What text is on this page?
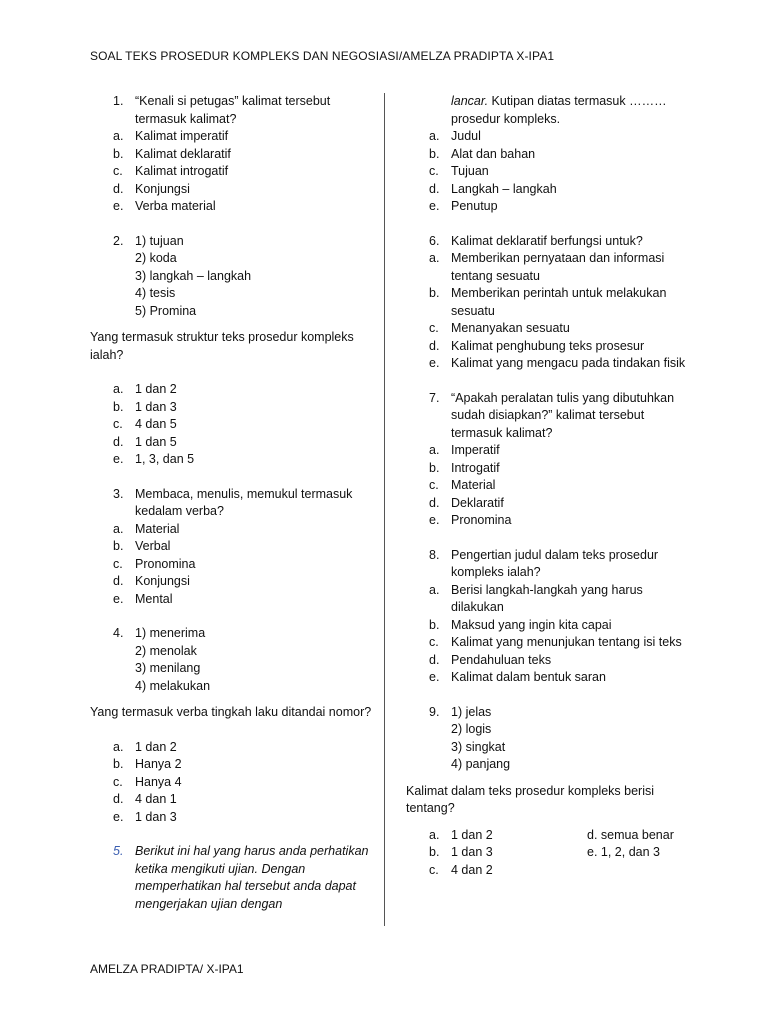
SOAL TEKS PROSEDUR KOMPLEKS DAN NEGOSIASI/AMELZA PRADIPTA X-IPA1
1. “Kenali si petugas” kalimat tersebut termasuk kalimat?
a. Kalimat imperatif
b. Kalimat deklaratif
c. Kalimat introgatif
d. Konjungsi
e. Verba material
2. 1) tujuan
2) koda
3) langkah – langkah
4) tesis
5) Promina
Yang termasuk struktur teks prosedur kompleks ialah?
a. 1 dan 2
b. 1 dan 3
c. 4 dan 5
d. 1 dan 5
e. 1, 3, dan 5
3. Membaca, menulis, memukul termasuk kedalam verba?
a. Material
b. Verbal
c. Pronomina
d. Konjungsi
e. Mental
4. 1) menerima
2) menolak
3) menilang
4) melakukan
Yang termasuk verba tingkah laku ditandai nomor?
a. 1 dan 2
b. Hanya 2
c. Hanya 4
d. 4 dan 1
e. 1 dan 3
5. Berikut ini hal yang harus anda perhatikan ketika mengikuti ujian. Dengan memperhatikan hal tersebut anda dapat mengerjakan ujian dengan
lancar. Kutipan diatas termasuk ……… prosedur kompleks.
a. Judul
b. Alat dan bahan
c. Tujuan
d. Langkah – langkah
e. Penutup
6. Kalimat deklaratif berfungsi untuk?
a. Memberikan pernyataan dan informasi tentang sesuatu
b. Memberikan perintah untuk melakukan sesuatu
c. Menanyakan sesuatu
d. Kalimat penghubung teks prosesur
e. Kalimat yang mengacu pada tindakan fisik
7. “Apakah peralatan tulis yang dibutuhkan sudah disiapkan?” kalimat tersebut termasuk kalimat?
a. Imperatif
b. Introgatif
c. Material
d. Deklaratif
e. Pronomina
8. Pengertian judul dalam teks prosedur kompleks ialah?
a. Berisi langkah-langkah yang harus dilakukan
b. Maksud yang ingin kita capai
c. Kalimat yang menunjukan tentang isi teks
d. Pendahuluan teks
e. Kalimat dalam bentuk saran
9. 1) jelas
2) logis
3) singkat
4) panjang
Kalimat dalam teks prosedur kompleks berisi tentang?
a. 1 dan 2	d. semua benar
b. 1 dan 3	e. 1, 2, dan 3
c. 4 dan 2
AMELZA PRADIPTA/ X-IPA1
